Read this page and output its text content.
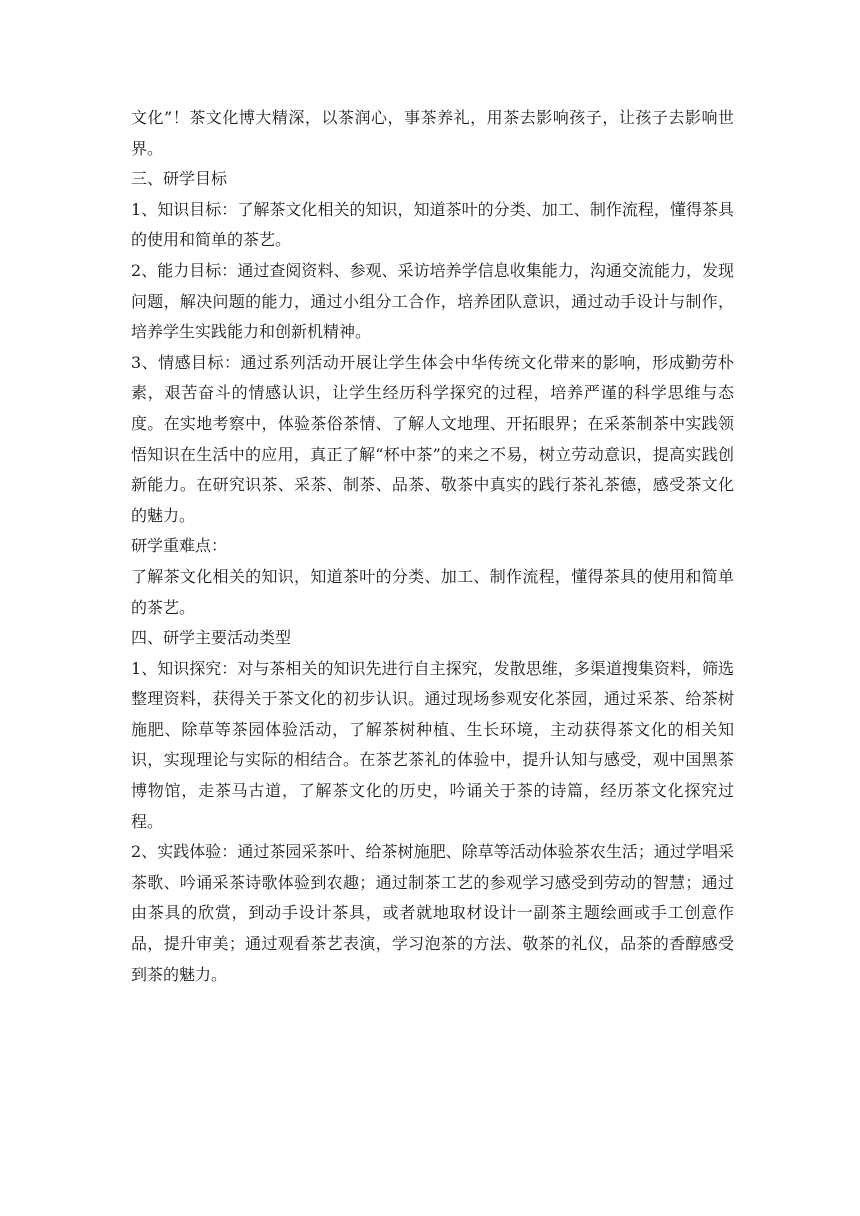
文化”！茶文化博大精深，以茶润心，事茶养礼，用茶去影响孩子，让孩子去影响世界。

三、研学目标

1、知识目标：了解茶文化相关的知识，知道茶叶的分类、加工、制作流程，懂得茶具的使用和简单的茶艺。

2、能力目标：通过查阅资料、参观、采访培养学信息收集能力，沟通交流能力，发现问题，解决问题的能力，通过小组分工合作，培养团队意识，通过动手设计与制作，培养学生实践能力和创新机精神。

3、情感目标：通过系列活动开展让学生体会中华传统文化带来的影响，形成勤劳朴素，艰苦奋斗的情感认识，让学生经历科学探究的过程，培养严谨的科学思维与态度。在实地考察中，体验茶俗茶情、了解人文地理、开拓眼界；在采茶制茶中实践领悟知识在生活中的应用，真正了解“杯中茶”的来之不易，树立劳动意识，提高实践创新能力。在研究识茶、采茶、制茶、品茶、敬茶中真实的践行茶礼茶德，感受茶文化的魅力。

研学重难点：

了解茶文化相关的知识，知道茶叶的分类、加工、制作流程，懂得茶具的使用和简单的茶艺。

四、研学主要活动类型

1、知识探究：对与茶相关的知识先进行自主探究，发散思维，多渠道搜集资料，筛选整理资料，获得关于茶文化的初步认识。通过现场参观安化茶园，通过采茶、给茶树施肥、除草等茶园体验活动，了解茶树种植、生长环境，主动获得茶文化的相关知识，实现理论与实际的相结合。在茶艺茶礼的体验中，提升认知与感受，观中国黑茶博物馆，走茶马古道，了解茶文化的历史，吟诵关于茶的诗篇，经历茶文化探究过程。

2、实践体验：通过茶园采茶叶、给茶树施肥、除草等活动体验茶农生活；通过学唱采茶歌、吟诵采茶诗歌体验到农趣；通过制茶工艺的参观学习感受到劳动的智慧；通过由茶具的欣赏，到动手设计茶具，或者就地取材设计一副茶主题绘画或手工创意作品，提升审美；通过观看茶艺表演，学习泡茶的方法、敬茶的礼仪，品茶的香醇感受到茶的魅力。
